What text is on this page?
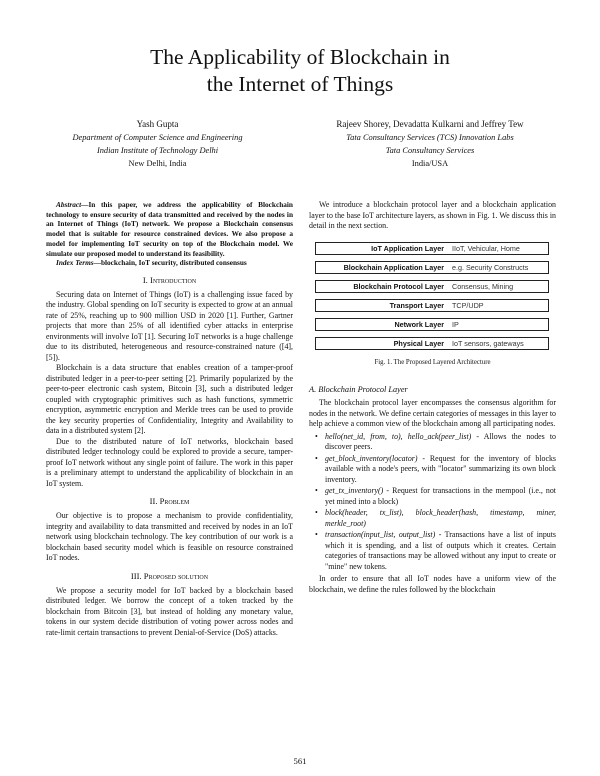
The Applicability of Blockchain in
the Internet of Things
Yash Gupta
Department of Computer Science and Engineering
Indian Institute of Technology Delhi
New Delhi, India
Rajeev Shorey, Devadatta Kulkarni and Jeffrey Tew
Tata Consultancy Services (TCS) Innovation Labs
Tata Consultancy Services
India/USA

Abstract—In this paper, we address the applicability of Blockchain technology to ensure security of data transmitted and received by the nodes in an Internet of Things (IoT) network. We propose a Blockchain consensus model that is suitable for resource constrained devices. We also propose a model for implementing IoT security on top of the Blockchain model. We simulate our proposed model to understand its feasibility.

Index Terms—blockchain, IoT security, distributed consensus

I. Introduction

Securing data on Internet of Things (IoT) is a challenging issue faced by the industry. Global spending on IoT security is expected to grow at an annual rate of 25%, reaching up to 900 million USD in 2020 [1]. Further, Gartner projects that more than 25% of all identified cyber attacks in enterprise environments will involve IoT [1]. Securing IoT networks is a huge challenge due to its distributed, heterogeneous and resource-constrained nature ([4], [5]).

Blockchain is a data structure that enables creation of a tamper-proof distributed ledger in a peer-to-peer setting [2]. Primarily popularized by the peer-to-peer electronic cash system, Bitcoin [3], such a distributed ledger coupled with cryptographic primitives such as hash functions, symmetric encryption, asymmetric encryption and Merkle trees can be used to provide the key security properties of Confidentiality, Integrity and Availability to data in a distributed system [2].

Due to the distributed nature of IoT networks, blockchain based distributed ledger technology could be explored to provide a secure, tamper-proof IoT network without any single point of failure. The work in this paper is a preliminary attempt to understand the applicability of blockchain in an IoT system.

II. Problem

Our objective is to propose a mechanism to provide confidentiality, integrity and availability to data transmitted and received by nodes in an IoT network using blockchain technology. The key contribution of our work is a blockchain based security model which is feasible on resource constrained IoT nodes.

III. Proposed solution

We propose a security model for IoT backed by a blockchain based distributed ledger. We borrow the concept of a token tracked by the blockchain from Bitcoin [3], but instead of holding any monetary value, tokens in our system decide distribution of voting power across nodes and rate-limit certain transactions to prevent Denial-of-Service (DoS) attacks.

We introduce a blockchain protocol layer and a blockchain application layer to the base IoT architecture layers, as shown in Fig. 1. We discuss this in detail in the next section.

IoT Application Layer IIoT, Vehicular, Home
Blockchain Application Layer e.g. Security Constructs
Blockchain Protocol Layer Consensus, Mining
Transport Layer TCP/UDP
Network Layer IP
Physical Layer IoT sensors, gateways
Fig. 1. The Proposed Layered Architecture
A. Blockchain Protocol Layer

The blockchain protocol layer encompasses the consensus algorithm for nodes in the network. We define certain categories of messages in this layer to help achieve a common view of the blockchain among all participating nodes.

• hello(net_id, from, to), hello_ack(peer_list) - Allows the nodes to discover peers.
• get_block_inventory(locator) - Request for the inventory of blocks available with a node's peers, with "locator" summarizing its own block inventory.
• get_tx_inventory() - Request for transactions in the mempool (i.e., not yet mined into a block)
• block(header, tx_list), block_header(hash, timestamp, miner, merkle_root)
• transaction(input_list, output_list) - Transactions have a list of inputs which it is spending, and a list of outputs which it creates. Certain categories of transactions may be allowed without any input to create or "mine" new tokens.

In order to ensure that all IoT nodes have a uniform view of the blockchain, we define the rules followed by the blockchain

561
